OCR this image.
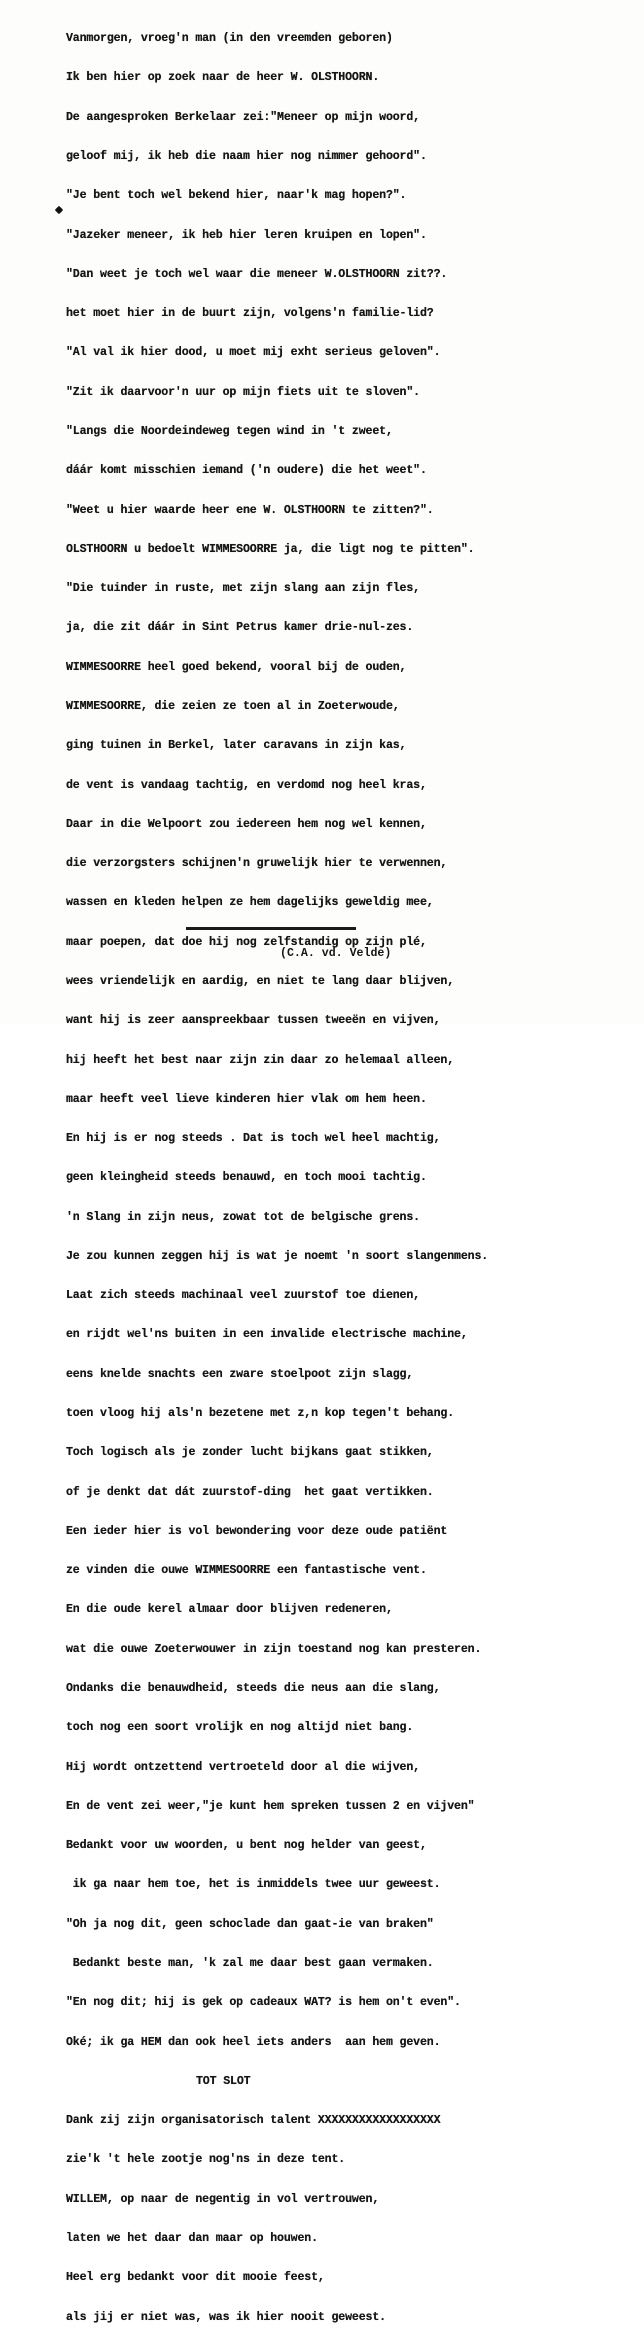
Vanmorgen, vroeg'n man (in den vreemden geboren)

Ik ben hier op zoek naar de heer W. OLSTHOORN.

De aangesproken Berkelaar zei:"Meneer op mijn woord,

geloof mij, ik heb die naam hier nog nimmer gehoord".

"Je bent toch wel bekend hier, naar'k mag hopen?".

"Jazeker meneer, ik heb hier leren kruipen en lopen".

"Dan weet je toch wel waar die meneer W.OLSTHOORN zit??.

het moet hier in de buurt zijn, volgens'n familie-lid?

"Al val ik hier dood, u moet mij exht serieus geloven".

"Zit ik daarvoor'n uur op mijn fiets uit te sloven".

"Langs die Noordeindeweg tegen wind in 't zweet,

dáár komt misschien iemand ('n oudere) die het weet".

"Weet u hier waarde heer ene W. OLSTHOORN te zitten?".

OLSTHOORN u bedoelt WIMMESOORRE ja, die ligt nog te pitten".

"Die tuinder in ruste, met zijn slang aan zijn fles,

ja, die zit dáár in Sint Petrus kamer drie-nul-zes.

WIMMESOORRE heel goed bekend, vooral bij de ouden,

WIMMESOORRE, die zeien ze toen al in Zoeterwoude,

ging tuinen in Berkel, later caravans in zijn kas,

de vent is vandaag tachtig, en verdomd nog heel kras,

Daar in die Welpoort zou iedereen hem nog wel kennen,

die verzorgsters schijnen'n gruwelijk hier te verwennen,

wassen en kleden helpen ze hem dagelijks geweldig mee,

maar poepen, dat doe hij nog zelfstandig op zijn plé,

wees vriendelijk en aardig, en niet te lang daar blijven,

want hij is zeer aanspreekbaar tussen tweeën en vijven,

hij heeft het best naar zijn zin daar zo helemaal alleen,

maar heeft veel lieve kinderen hier vlak om hem heen.

En hij is er nog steeds . Dat is toch wel heel machtig,

geen kleingheid steeds benauwd, en toch mooi tachtig.

'n Slang in zijn neus, zowat tot de belgische grens.

Je zou kunnen zeggen hij is wat je noemt 'n soort slangenmens.

Laat zich steeds machinaal veel zuurstof toe dienen,

en rijdt wel'ns buiten in een invalide electrische machine,

eens knelde snachts een zware stoelpoot zijn slagg,

toen vloog hij als'n bezetene met z,n kop tegen't behang.

Toch logisch als je zonder lucht bijkans gaat stikken,

of je denkt dat dát zuurstof-ding  het gaat vertikken.

Een ieder hier is vol bewondering voor deze oude patiënt

ze vinden die ouwe WIMMESOORRE een fantastische vent.

En die oude kerel almaar door blijven redeneren,

wat die ouwe Zoeterwouwer in zijn toestand nog kan presteren.

Ondanks die benauwdheid, steeds die neus aan die slang,

toch nog een soort vrolijk en nog altijd niet bang.

Hij wordt ontzettend vertroeteld door al die wijven,

En de vent zei weer,"je kunt hem spreken tussen 2 en vijven"

Bedankt voor uw woorden, u bent nog helder van geest,

ik ga naar hem toe, het is inmiddels twee uur geweest.

"Oh ja nog dit, geen schoclade dan gaat-ie van braken"

Bedankt beste man, 'k zal me daar best gaan vermaken.

"En nog dit; hij is gek op cadeaux WAT? is hem on't even".

Oké; ik ga HEM dan ook heel iets anders  aan hem geven.

TOT SLOT

Dank zij zijn organisatorisch talent XXXXXXXXXXXXXXXXXX

zie'k 't hele zootje nog'ns in deze tent.

WILLEM, op naar de negentig in vol vertrouwen,

laten we het daar dan maar op houwen.

Heel erg bedankt voor dit mooie feest,

als jij er niet was, was ik hier nooit geweest.

(C.A. vd. Velde)
